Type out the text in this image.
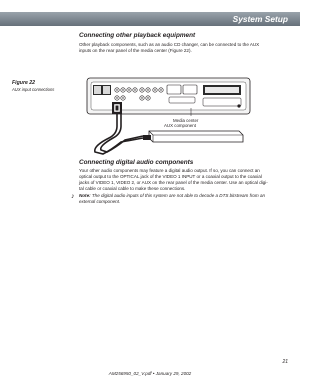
System Setup
Connecting other playback equipment

Other playback components, such as an audio CD changer, can be connected to the AUX

inputs on the rear panel of the media center (Figure 22).

Figure 22
AUX input connections
Media center
AUX component
Connecting digital audio components

Your other audio components may feature a digital audio output. If so, you can connect an

optical output to the OPTICAL jack of the VIDEO 1 INPUT or a coaxial output to the coaxial

jacks of VIDEO 1, VIDEO 2, or AUX on the rear panel of the media center. Use an optical digi-

tal cable or coaxial cable to make these connections.

♪ Note: The digital audio inputs of this system are not able to decode a DTS bitstream from an

external component.

21
AM256950_02_V.pdf • January 29, 2002
